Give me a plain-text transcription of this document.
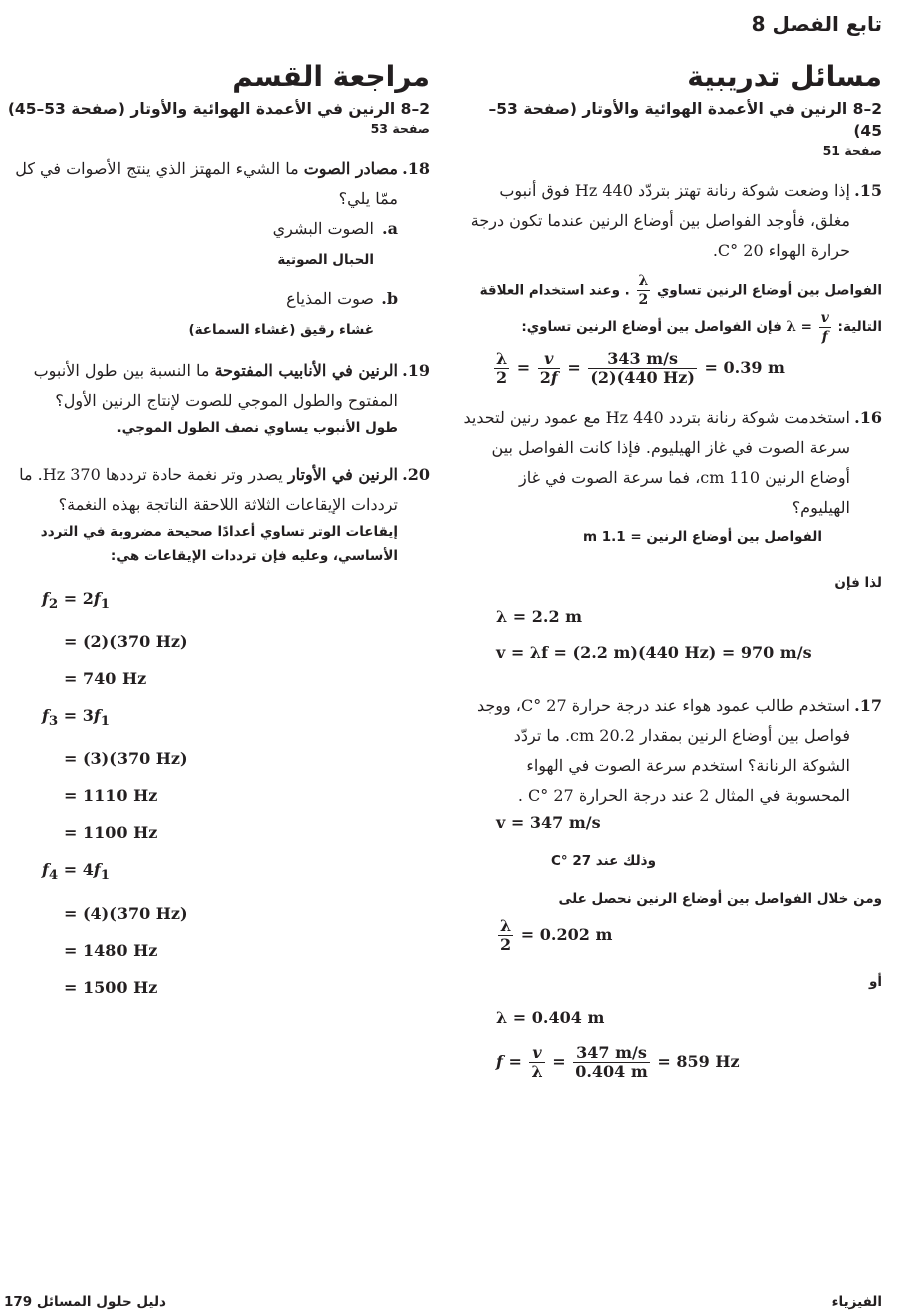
تابع الفصل 8
مسائل تدريبية
2–8 الرنين في الأعمدة الهوائية والأوتار (صفحة 53–45)
صفحة 51
15.
إذا وضعت شوكة رنانة تهتز بتردّد 440 Hz فوق أنبوب مغلق، فأوجد الفواصل بين أوضاع الرنين عندما تكون درجة حرارة الهواء 20 °C.
الفواصل بين أوضاع الرنين تساوي
$\frac{\lambda}{2}$
. وعند استخدام العلاقة
التالية: $\lambda = \frac{v}{f}$
فإن الفواصل بين أوضاع الرنين تساوي:
$\frac{\lambda}{2} = \frac{v}{2f} = \frac{343 m/s}{(2)(440 Hz)} = 0.39$ m
16.
استخدمت شوكة رنانة بتردد 440 Hz مع عمود رنين لتحديد سرعة الصوت في غاز الهيليوم. فإذا كانت الفواصل بين أوضاع الرنين 110 cm، فما سرعة الصوت في غاز الهيليوم؟
الفواصل بين أوضاع الرنين = 1.1 m
لذا فإن
λ = 2.2 m
v = λf = (2.2 m)(440 Hz) = 970 m/s
17.
استخدم طالب عمود هواء عند درجة حرارة 27 °C، ووجد فواصل بين أوضاع الرنين بمقدار 20.2 cm. ما تردّد الشوكة الرنانة؟ استخدم سرعة الصوت في الهواء المحسوبة في المثال 2 عند درجة الحرارة 27 °C .
v = 347 m/s
وذلك عند 27 °C
ومن خلال الفواصل بين أوضاع الرنين نحصل على
$\frac{\lambda}{2} = 0.202$ m
أو
λ = 0.404 m
$f = \frac{v}{\lambda} = \frac{347 m/s}{0.404 m} = 859$ Hz
مراجعة القسم
2–8 الرنين في الأعمدة الهوائية والأوتار (صفحة 53–45)
صفحة 53
18.
مصادر الصوت ما الشيء المهتز الذي ينتج الأصوات في كل ممّا يلي؟
a.
الصوت البشري
الحبال الصوتية
b.
صوت المذياع
غشاء رقيق (غشاء السماعة)
19.
الرنين في الأنابيب المفتوحة ما النسبة بين طول الأنبوب المفتوح والطول الموجي للصوت لإنتاج الرنين الأول؟
طول الأنبوب يساوي نصف الطول الموجي.
20.
الرنين في الأوتار يصدر وتر نغمة حادة ترددها 370 Hz. ما ترددات الإيقاعات الثلاثة اللاحقة الناتجة بهذه النغمة؟
إيقاعات الوتر تساوي أعدادًا صحيحة مضروبة في التردد الأساسي، وعليه فإن ترددات الإيقاعات هي:
$f_2 = 2f_1$
= (2)(370 Hz)
= 740 Hz
$f_3 = 3f_1$
= (3)(370 Hz)
= 1110 Hz
= 1100 Hz
$f_4 = 4f_1$
= (4)(370 Hz)
= 1480 Hz
= 1500 Hz
دليل حلول المسائل 179	الفيزياء
